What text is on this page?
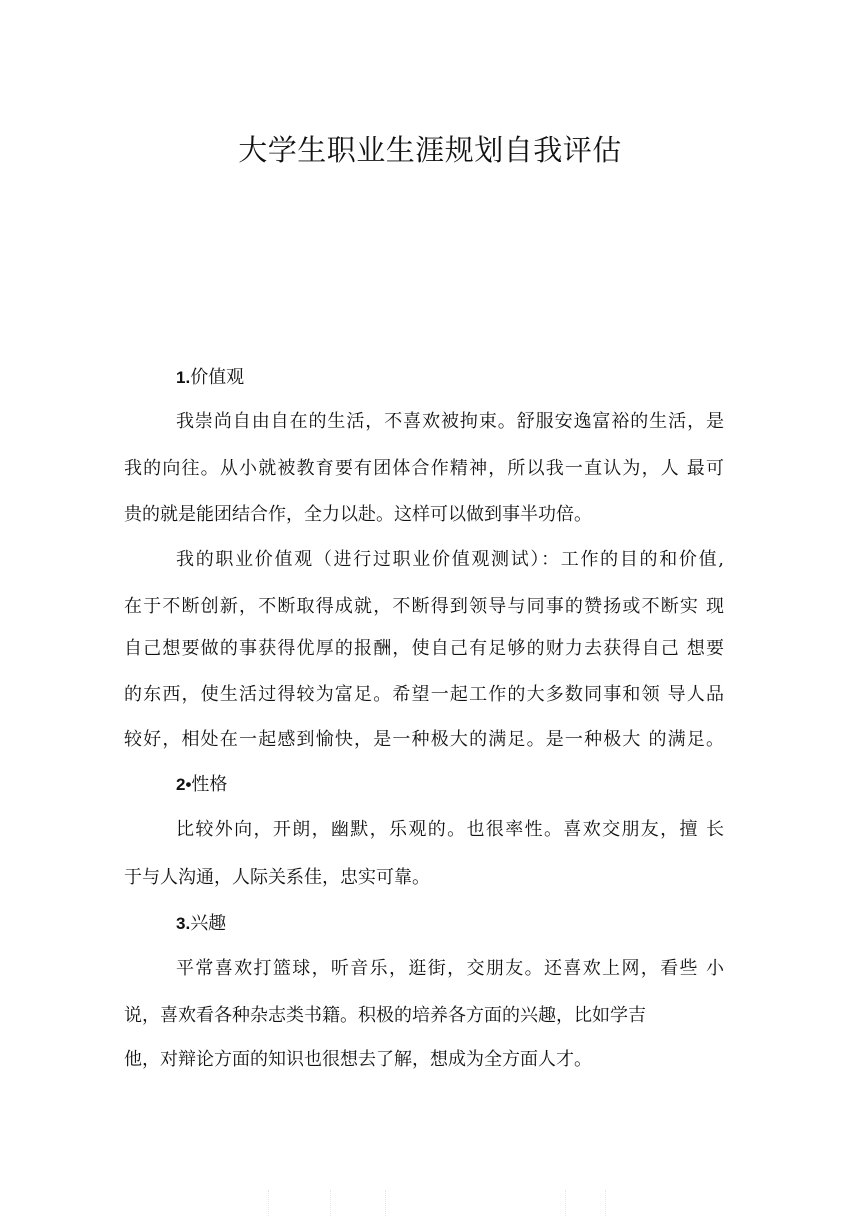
大学生职业生涯规划自我评估
1.价值观
我崇尚自由自在的生活，不喜欢被拘束。舒服安逸富裕的生活，是
我的向往。从小就被教育要有团体合作精神，所以我一直认为，人 最可
贵的就是能团结合作，全力以赴。这样可以做到事半功倍。
我的职业价值观（进行过职业价值观测试）：工作的目的和价值,
在于不断创新，不断取得成就，不断得到领导与同事的赞扬或不断实 现
自己想要做的事获得优厚的报酬，使自己有足够的财力去获得自己 想要
的东西，使生活过得较为富足。希望一起工作的大多数同事和领 导人品
较好，相处在一起感到愉快，是一种极大的满足。是一种极大 的满足。
2•性格
比较外向，开朗，幽默，乐观的。也很率性。喜欢交朋友，擅 长
于与人沟通，人际关系佳，忠实可靠。
3.兴趣
平常喜欢打篮球，听音乐，逛街，交朋友。还喜欢上网，看些 小
说，喜欢看各种杂志类书籍。积极的培养各方面的兴趣，比如学吉
他，对辩论方面的知识也很想去了解，想成为全方面人才。
